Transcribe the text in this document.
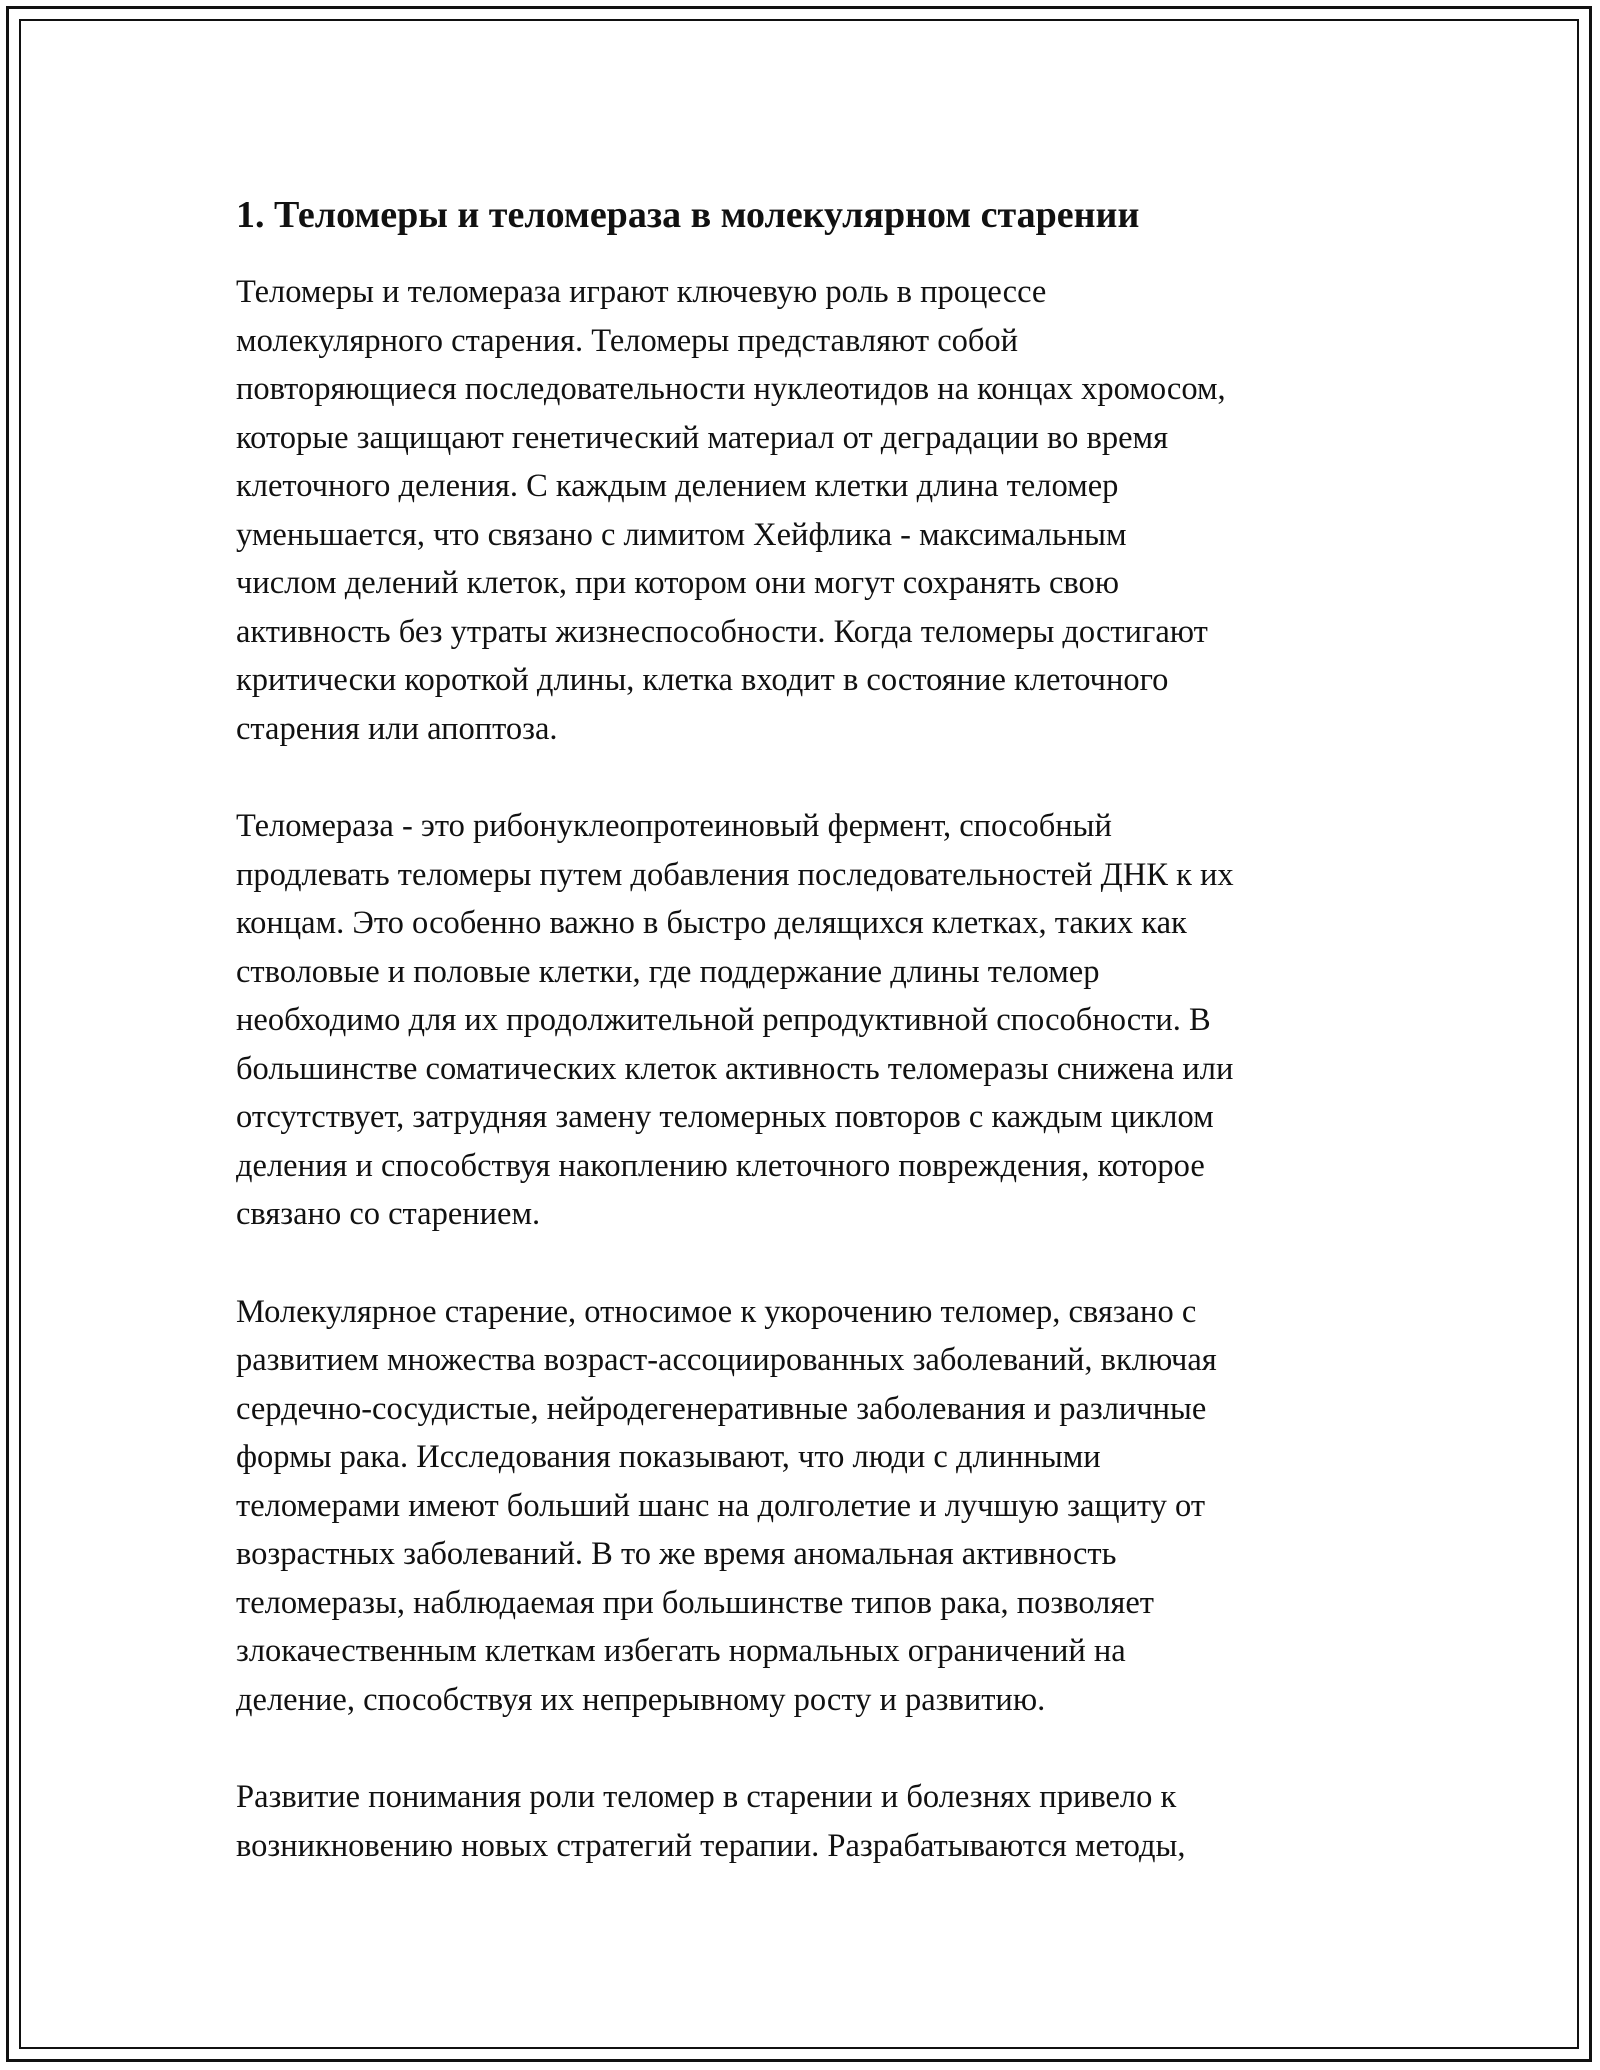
1. Теломеры и теломераза в молекулярном старении
Теломеры и теломераза играют ключевую роль в процессе
молекулярного старения. Теломеры представляют собой
повторяющиеся последовательности нуклеотидов на концах хромосом,
которые защищают генетический материал от деградации во время
клеточного деления. С каждым делением клетки длина теломер
уменьшается, что связано с лимитом Хейфлика - максимальным
числом делений клеток, при котором они могут сохранять свою
активность без утраты жизнеспособности. Когда теломеры достигают
критически короткой длины, клетка входит в состояние клеточного
старения или апоптоза.
Теломераза - это рибонуклеопротеиновый фермент, способный
продлевать теломеры путем добавления последовательностей ДНК к их
концам. Это особенно важно в быстро делящихся клетках, таких как
стволовые и половые клетки, где поддержание длины теломер
необходимо для их продолжительной репродуктивной способности. В
большинстве соматических клеток активность теломеразы снижена или
отсутствует, затрудняя замену теломерных повторов с каждым циклом
деления и способствуя накоплению клеточного повреждения, которое
связано со старением.
Молекулярное старение, относимое к укорочению теломер, связано с
развитием множества возраст-ассоциированных заболеваний, включая
сердечно-сосудистые, нейродегенеративные заболевания и различные
формы рака. Исследования показывают, что люди с длинными
теломерами имеют больший шанс на долголетие и лучшую защиту от
возрастных заболеваний. В то же время аномальная активность
теломеразы, наблюдаемая при большинстве типов рака, позволяет
злокачественным клеткам избегать нормальных ограничений на
деление, способствуя их непрерывному росту и развитию.
Развитие понимания роли теломер в старении и болезнях привело к
возникновению новых стратегий терапии. Разрабатываются методы,
